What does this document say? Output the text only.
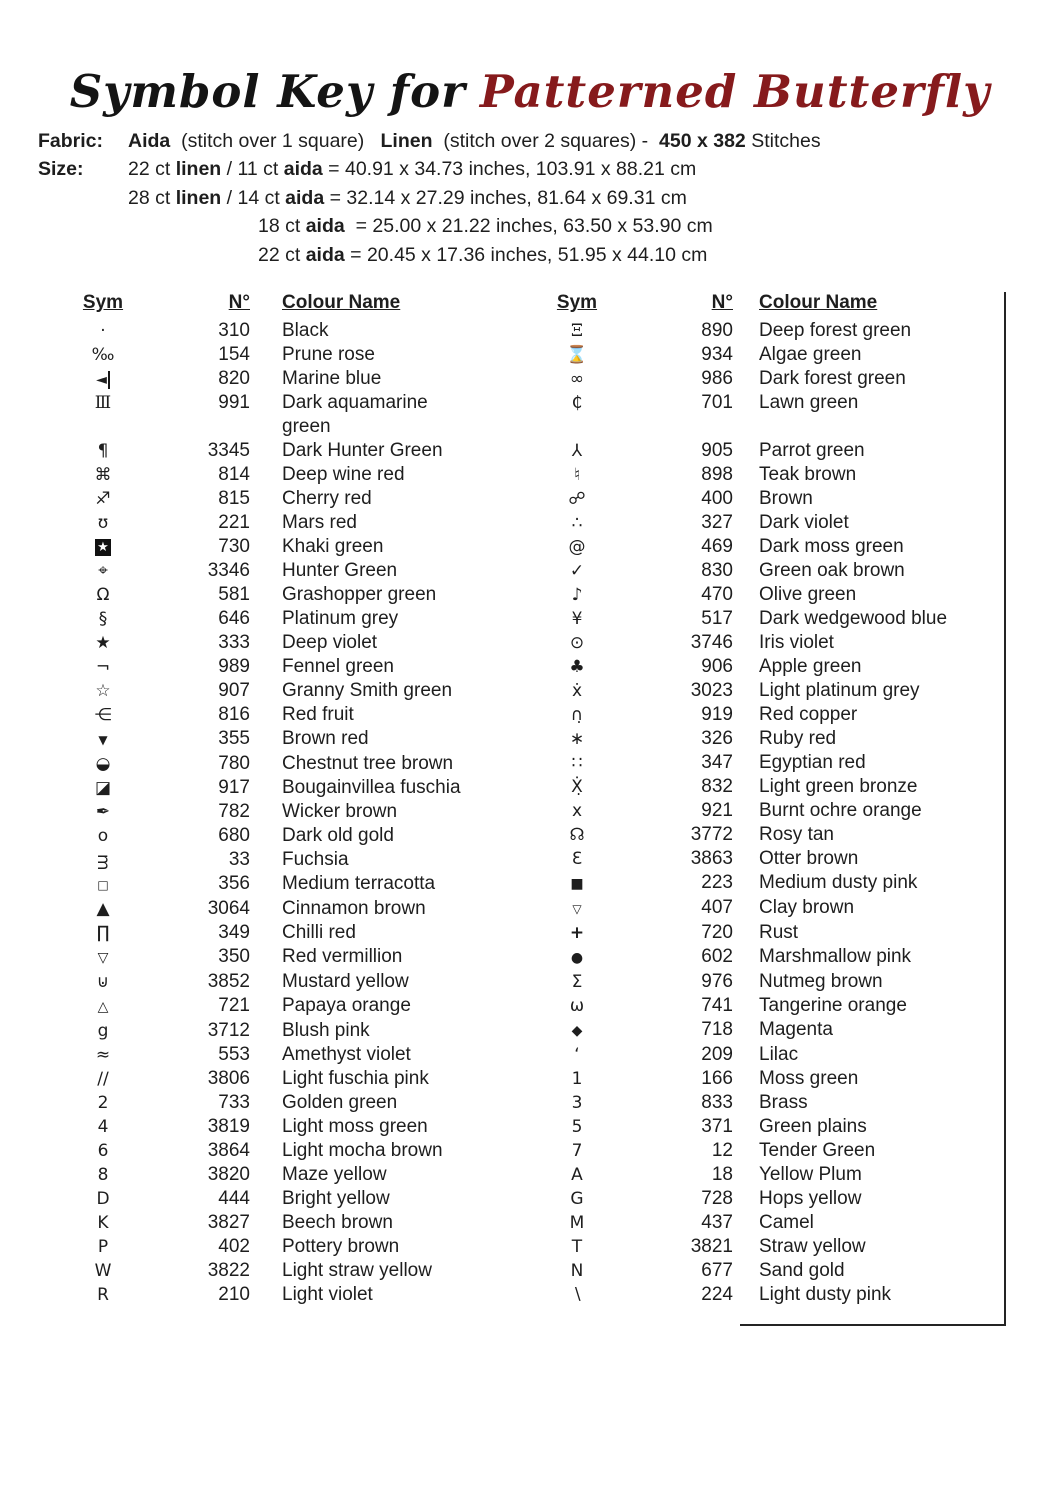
Symbol Key for Patterned Butterfly
Fabric:	Aida  (stitch over 1 square)   Linen  (stitch over 2 squares) -  450 x 382 Stitches
Size:	22 ct linen / 11 ct aida = 40.91 x 34.73 inches, 103.91 x 88.21 cm
28 ct linen / 14 ct aida = 32.14 x 27.29 inches, 81.64 x 69.31 cm
18 ct aida  = 25.00 x 21.22 inches, 63.50 x 53.90 cm
22 ct aida = 20.45 x 17.36 inches, 51.95 x 44.10 cm
Sym	N° Colour Name
·	310 Black
‰	154 Prune rose
◄	820 Marine blue
Ⅲ	991 Dark aquamarine green
¶	3345 Dark Hunter Green
⌘	814 Deep wine red
♐	815 Cherry red
ʊ	221 Mars red
★	730 Khaki green
⌖	3346 Hunter Green
Ω	581 Grashopper green
§	646 Platinum grey
★	333 Deep violet
¬	989 Fennel green
☆	907 Granny Smith green
⋲	816 Red fruit
▼	355 Brown red
◒	780 Chestnut tree brown
◪	917 Bougainvillea fuschia
✒	782 Wicker brown
o	680 Dark old gold
ᴟ	33 Fuchsia
□	356 Medium terracotta
▲	3064 Cinnamon brown
∏	349 Chilli red
▽	350 Red vermillion
⊍	3852 Mustard yellow
△	721 Papaya orange
g	3712 Blush pink
≈	553 Amethyst violet
∕∕	3806 Light fuschia pink
2	733 Golden green
4	3819 Light moss green
6	3864 Light mocha brown
8	3820 Maze yellow
D	444 Bright yellow
K	3827 Beech brown
P	402 Pottery brown
W	3822 Light straw yellow
R	210 Light violet
Sym	N° Colour Name
Ξ	890 Deep forest green
⌛	934 Algae green
∞	986 Dark forest green
₵	701 Lawn green
⅄	905 Parrot green
♮	898 Teak brown
☍	400 Brown
∴	327 Dark violet
@	469 Dark moss green
✓	830 Green oak brown
♪	470 Olive green
¥	517 Dark wedgewood blue
⊙	3746 Iris violet
♣	906 Apple green
ẋ	3023 Light platinum grey
∩̣	919 Red copper
∗	326 Ruby red
∷	347 Egyptian red
Ẋ̣	832 Light green bronze
x	921 Burnt ochre orange
☊	3772 Rosy tan
Ɛ	3863 Otter brown
■	223 Medium dusty pink
▽	407 Clay brown
+	720 Rust
●	602 Marshmallow pink
Σ	976 Nutmeg brown
ω	741 Tangerine orange
◆	718 Magenta
‘	209 Lilac
1	166 Moss green
3	833 Brass
5	371 Green plains
7	12 Tender Green
A	18 Yellow Plum
G	728 Hops yellow
M	437 Camel
T	3821 Straw yellow
N	677 Sand gold
∖	224 Light dusty pink
